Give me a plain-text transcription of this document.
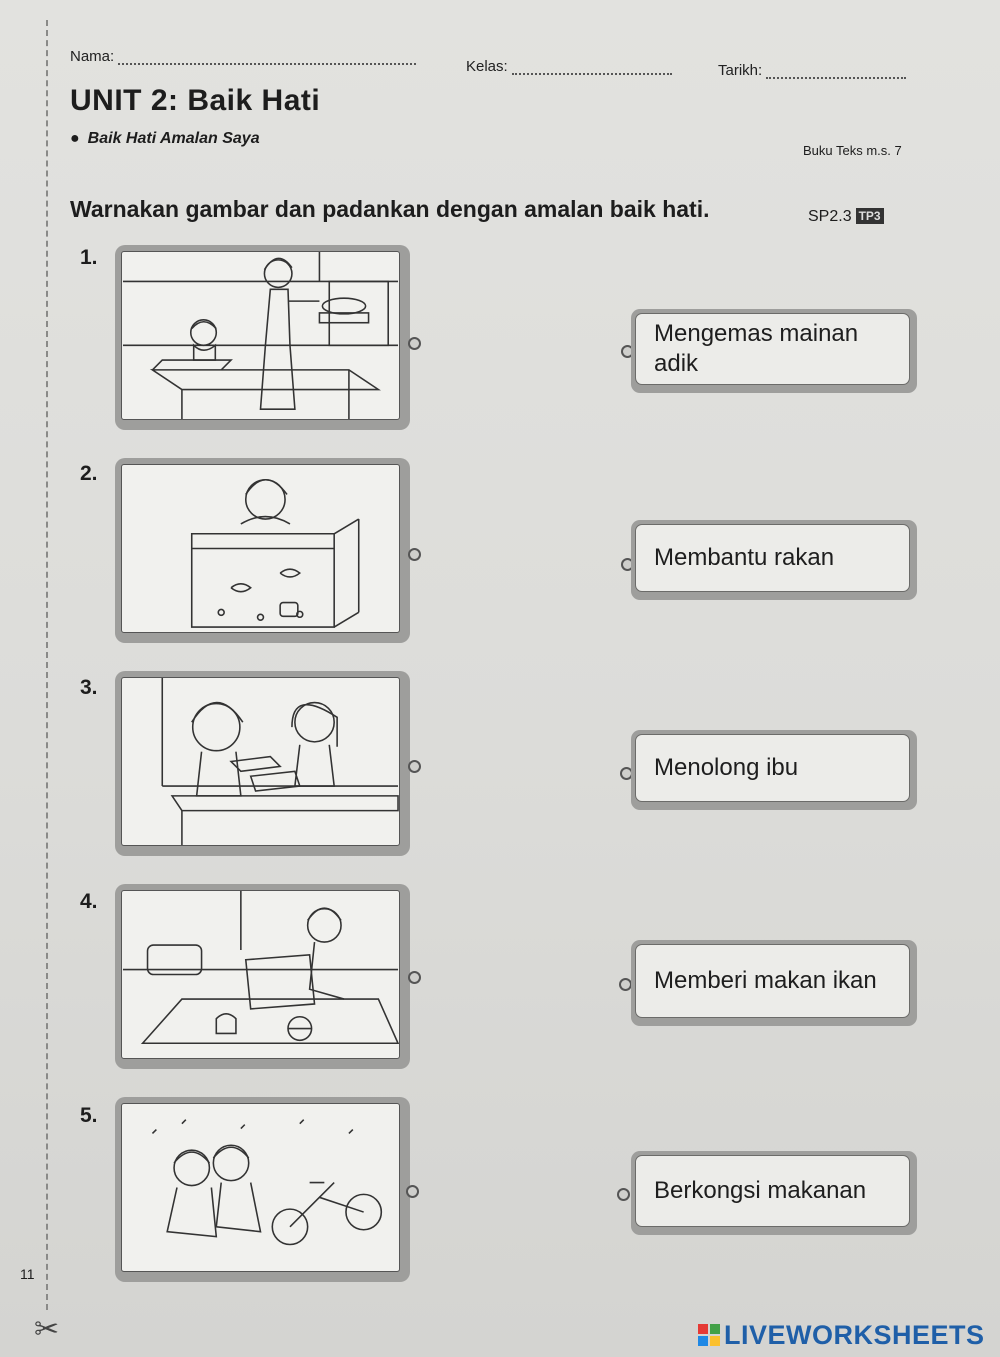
Nama:
Kelas:	Tarikh:
UNIT 2: Baik Hati
● Baik Hati Amalan Saya
Buku Teks m.s. 7
Warnakan gambar dan padankan dengan amalan baik hati.	SP2.3 TP3
1.
2.
3.
4.
5.
Mengemas mainan adik
Membantu rakan
Menolong ibu
Memberi makan ikan
Berkongsi makanan
11
✂	LIVEWORKSHEETS
